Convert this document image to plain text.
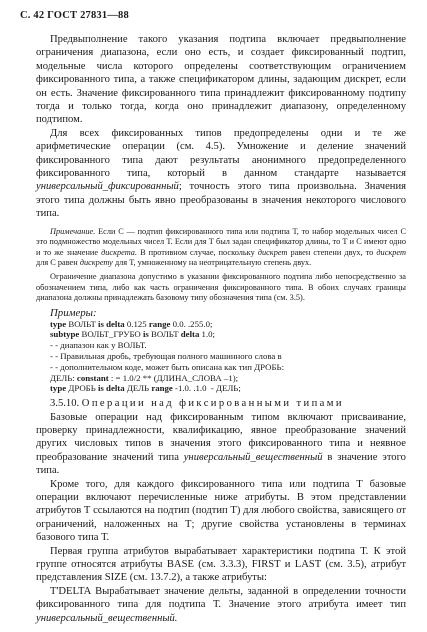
С. 42 ГОСТ 27831—88

Предвыполнение такого указания подтипа включает предвыполнение ограничения диапазона, если оно есть, и создает фиксированный подтип, модельные числа которого определены соответствующим ограничением фиксированного типа, а также спецификатором длины, задающим дискрет, если он есть. Значение фиксированного типа принадлежит фиксированному подтипу тогда и только тогда, когда оно принадлежит диапазону, определенному подтипом.

Для всех фиксированных типов предопределены одни и те же арифметические операции (см. 4.5). Умножение и деление значений фиксированного типа дают результаты анонимного предопределенного фиксированного типа, который в данном стандарте называется универсальный_фиксированный; точность этого типа произвольна. Значения этого типа должны быть явно преобразованы в значения некоторого числового типа.

Примечание. Если С — подтип фиксированного типа или подтипа Т, то набор модельных чисел С это подмножество модельных чисел Т. Если для Т был задан спецификатор длины, то Т и С имеют одно и то же значение дискрета. В противном случае, поскольку дискрет равен степени двух, то дискрет для С равен дискрету для Т, умноженному на неотрицательную степень двух.

Ограничение диапазона допустимо в указании фиксированного подтипа либо непосредственно за обозначением типа, либо как часть ограничения фиксированного типа. В обоих случаях границы диапазона должны принадлежать базовому типу обозначения типа (см. 3.5).

Примеры:
type ВОЛЬТ is delta 0.125 range 0.0. .255.0;
subtype ВОЛЬТ_ГРУБО is ВОЛЬТ delta 1.0;
- - диапазон как у ВОЛЬТ.
- - Правильная дробь, требующая полного машинного слова в
- - дополнительном коде, может быть описана как тип ДРОБЬ:
ДЕЛЬ: constant : = 1.0/2 ** (ДЛИНА_СЛОВА –1);
type ДРОБЬ is delta ДЕЛЬ range -1.0. .1.0  - ДЕЛЬ;

3.5.10. Операции над фиксированными типами

Базовые операции над фиксированным типом включают присваивание, проверку принадлежности, квалификацию, явное преобразование значений других числовых типов в значения этого фиксированного типа и неявное преобразование значений типа универсальный_вещественный в значение этого типа.

Кроме того, для каждого фиксированного типа или подтипа Т базовые операции включают перечисленные ниже атрибуты. В этом представлении атрибутов Т ссылаются на подтип (подтип Т) для любого свойства, зависящего от ограничений, наложенных на Т; другие свойства установлены в терминах базового типа Т.

Первая группа атрибутов вырабатывает характеристики подтипа Т. К этой группе относятся атрибуты BASE (см. 3.3.3), FIRST и LAST (см. 3.5), атрибут представления SIZE (см. 13.7.2), а также атрибуты:

T'DELTA Вырабатывает значение дельты, заданной в определении точности фиксированного типа для подтипа Т. Значение этого атрибута имеет тип универсальный_вещественный.
